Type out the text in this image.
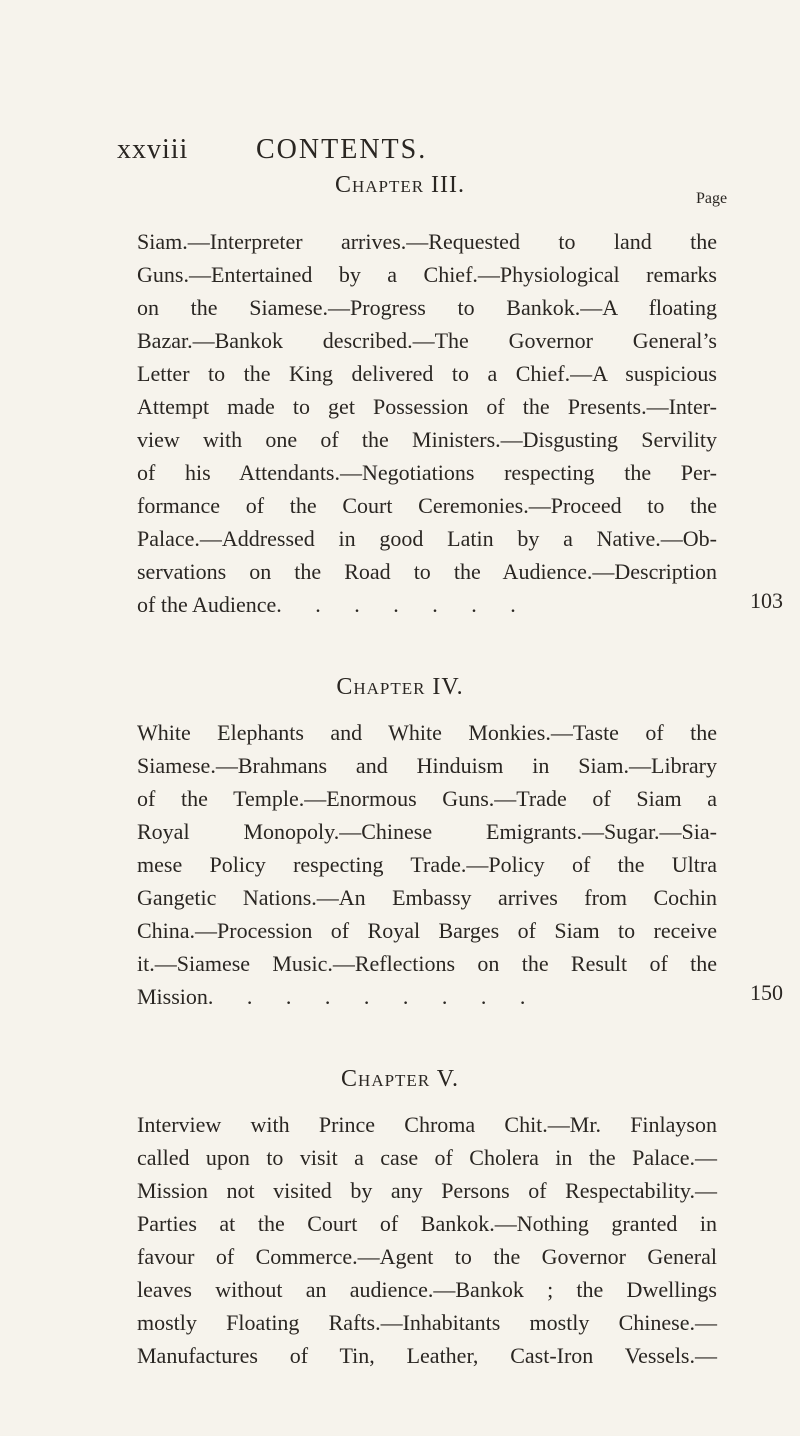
xxviii CONTENTS.
Chapter III.
Page
Siam.—Interpreter arrives.—Requested to land the
Guns.—Entertained by a Chief.—Physiological remarks
on the Siamese.—Progress to Bankok.—A floating
Bazar.—Bankok described.—The Governor General’s
Letter to the King delivered to a Chief.—A suspicious
Attempt made to get Possession of the Presents.—Inter-
view with one of the Ministers.—Disgusting Servility
of his Attendants.—Negotiations respecting the Per-
formance of the Court Ceremonies.—Proceed to the
Palace.—Addressed in good Latin by a Native.—Ob-
servations on the Road to the Audience.—Description
of the Audience . . . . . . .	103
Chapter IV.
White Elephants and White Monkies.—Taste of the
Siamese.—Brahmans and Hinduism in Siam.—Library
of the Temple.—Enormous Guns.—Trade of Siam a
Royal Monopoly.—Chinese Emigrants.—Sugar.—Sia-
mese Policy respecting Trade.—Policy of the Ultra
Gangetic Nations.—An Embassy arrives from Cochin
China.—Procession of Royal Barges of Siam to receive
it.—Siamese Music.—Reflections on the Result of the
Mission . . . . . . . . .	150
Chapter V.
Interview with Prince Chroma Chit.—Mr. Finlayson
called upon to visit a case of Cholera in the Palace.—
Mission not visited by any Persons of Respectability.—
Parties at the Court of Bankok.—Nothing granted in
favour of Commerce.—Agent to the Governor General
leaves without an audience.—Bankok ; the Dwellings
mostly Floating Rafts.—Inhabitants mostly Chinese.—
Manufactures of Tin, Leather, Cast-Iron Vessels.—
